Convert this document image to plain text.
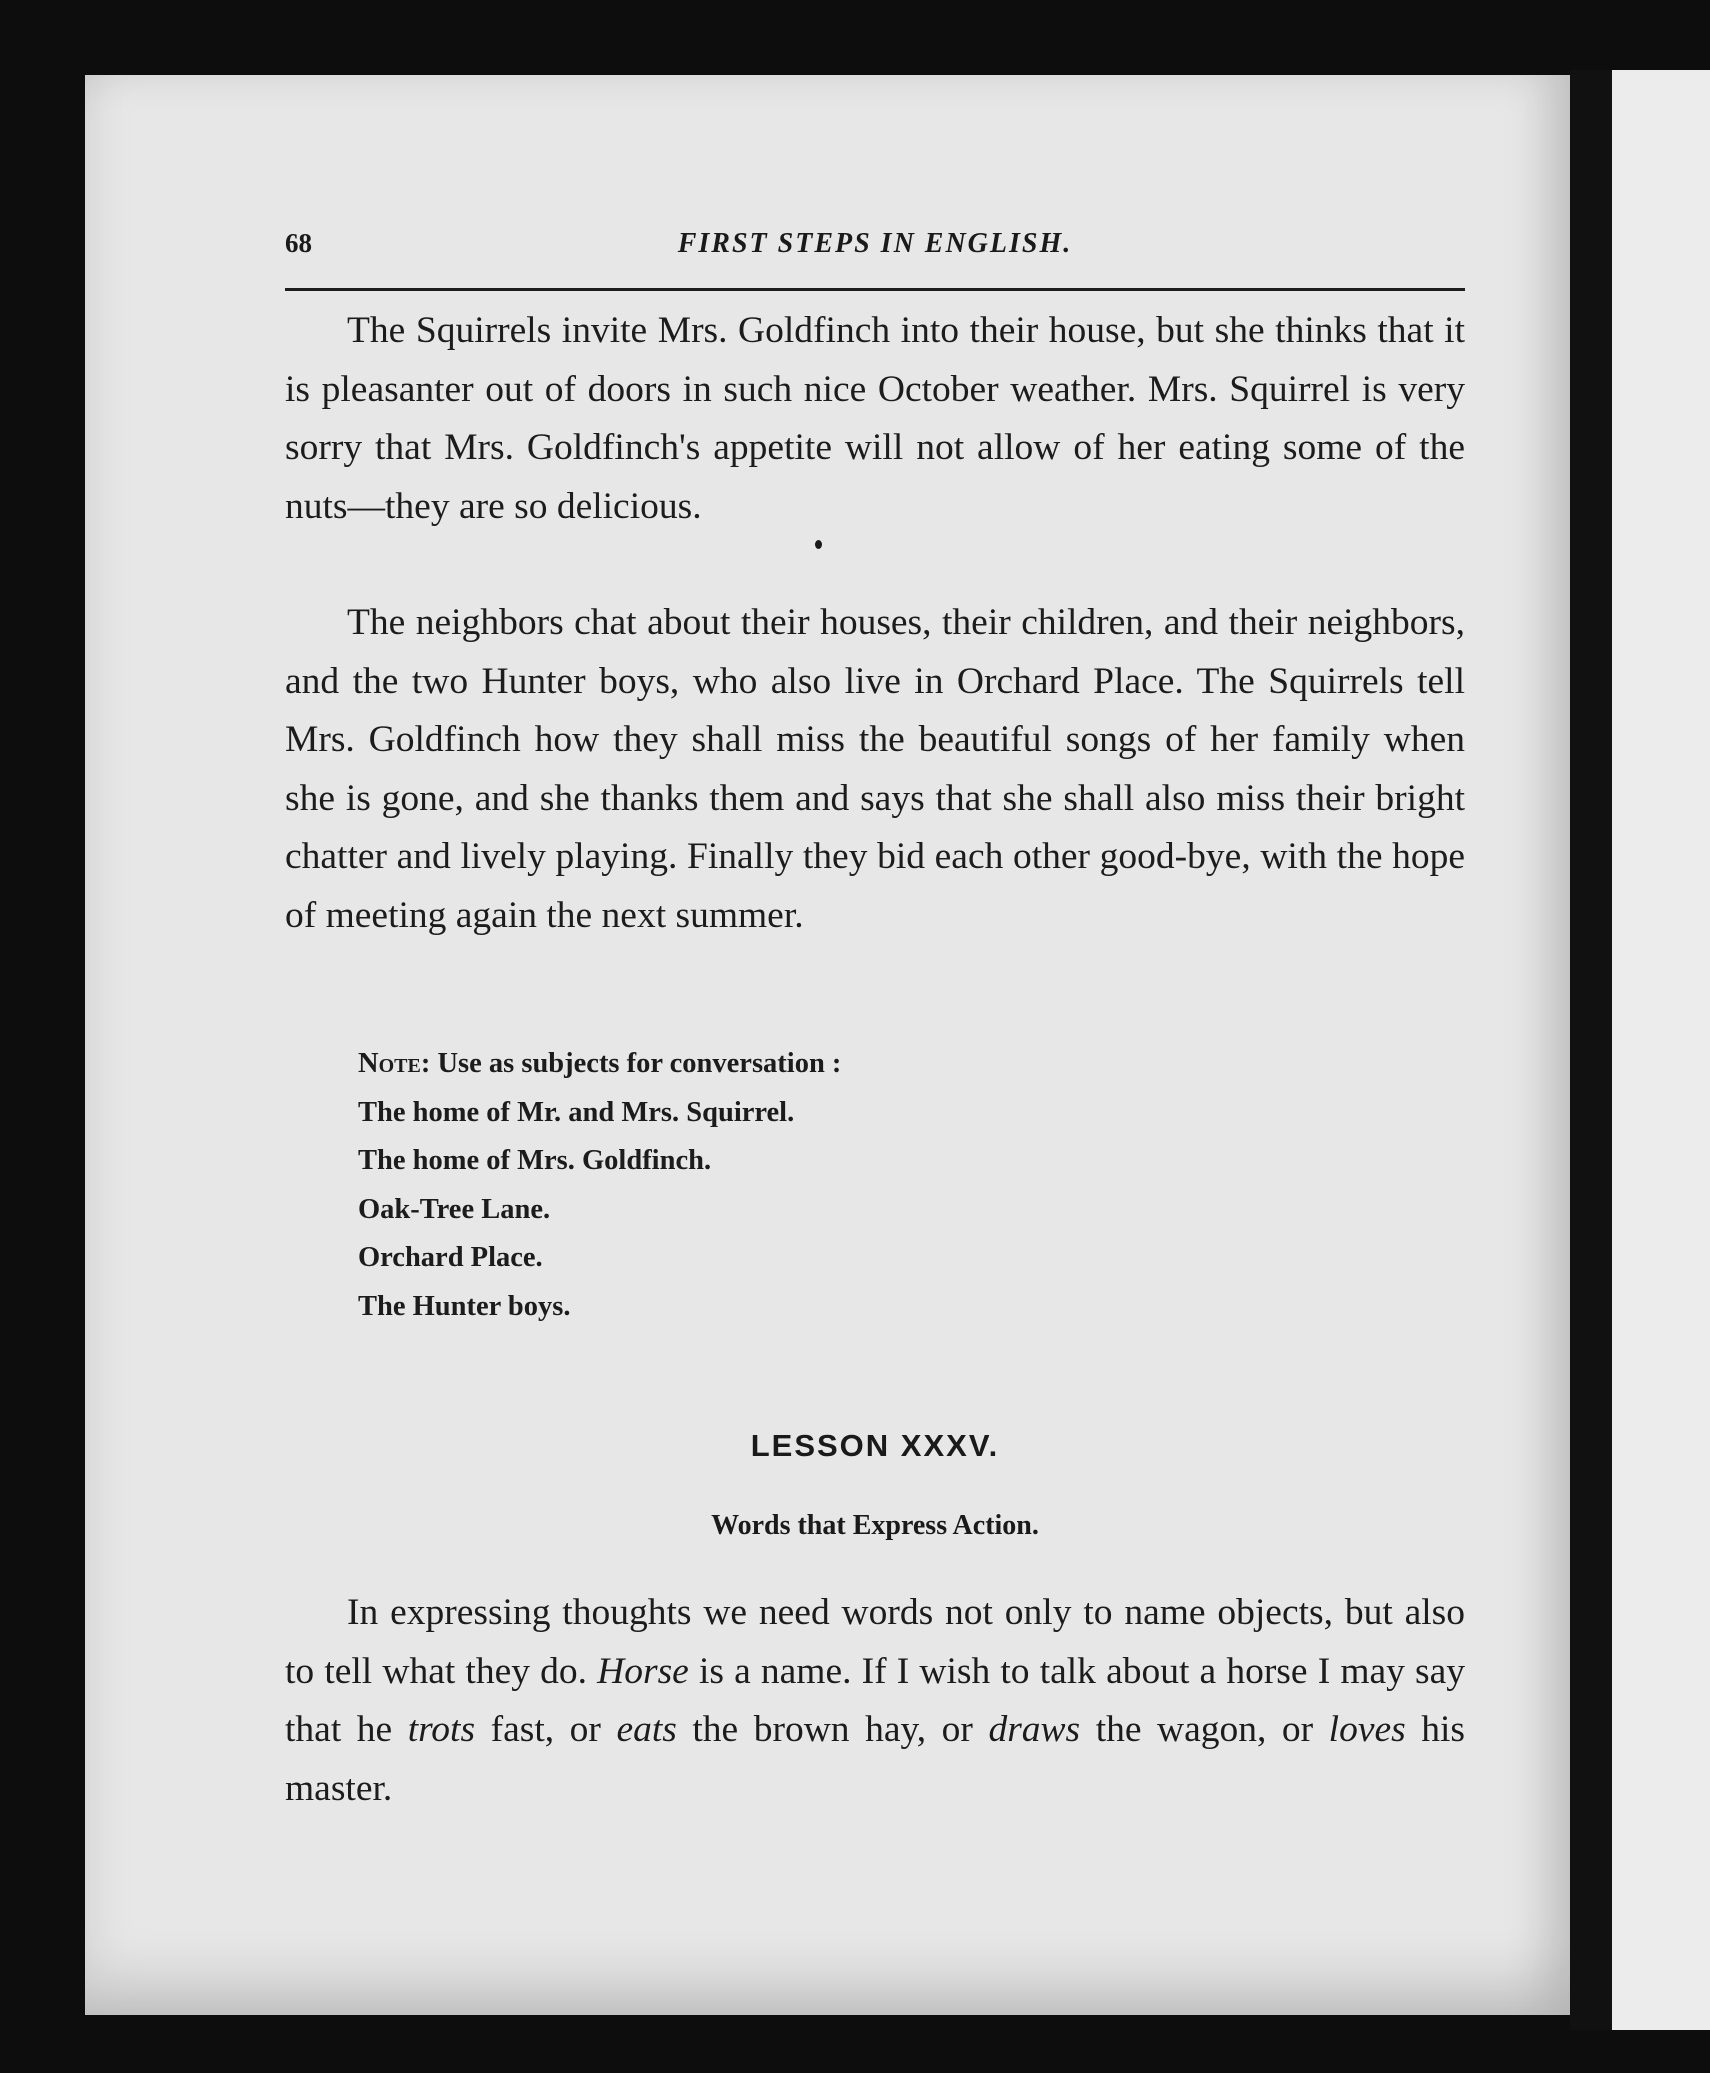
68	FIRST STEPS IN ENGLISH.

The Squirrels invite Mrs. Goldfinch into their house, but she thinks that it is pleasanter out of doors in such nice October weather. Mrs. Squirrel is very sorry that Mrs. Goldfinch's appetite will not allow of her eating some of the nuts—they are so delicious.

The neighbors chat about their houses, their children, and their neighbors, and the two Hunter boys, who also live in Orchard Place. The Squirrels tell Mrs. Goldfinch how they shall miss the beautiful songs of her family when she is gone, and she thanks them and says that she shall also miss their bright chatter and lively playing. Finally they bid each other good-bye, with the hope of meeting again the next summer.

Note: Use as subjects for conversation :
The home of Mr. and Mrs. Squirrel.
The home of Mrs. Goldfinch.
Oak-Tree Lane.
Orchard Place.
The Hunter boys.
LESSON XXXV.
Words that Express Action.

In expressing thoughts we need words not only to name objects, but also to tell what they do. Horse is a name. If I wish to talk about a horse I may say that he trots fast, or eats the brown hay, or draws the wagon, or loves his master.
